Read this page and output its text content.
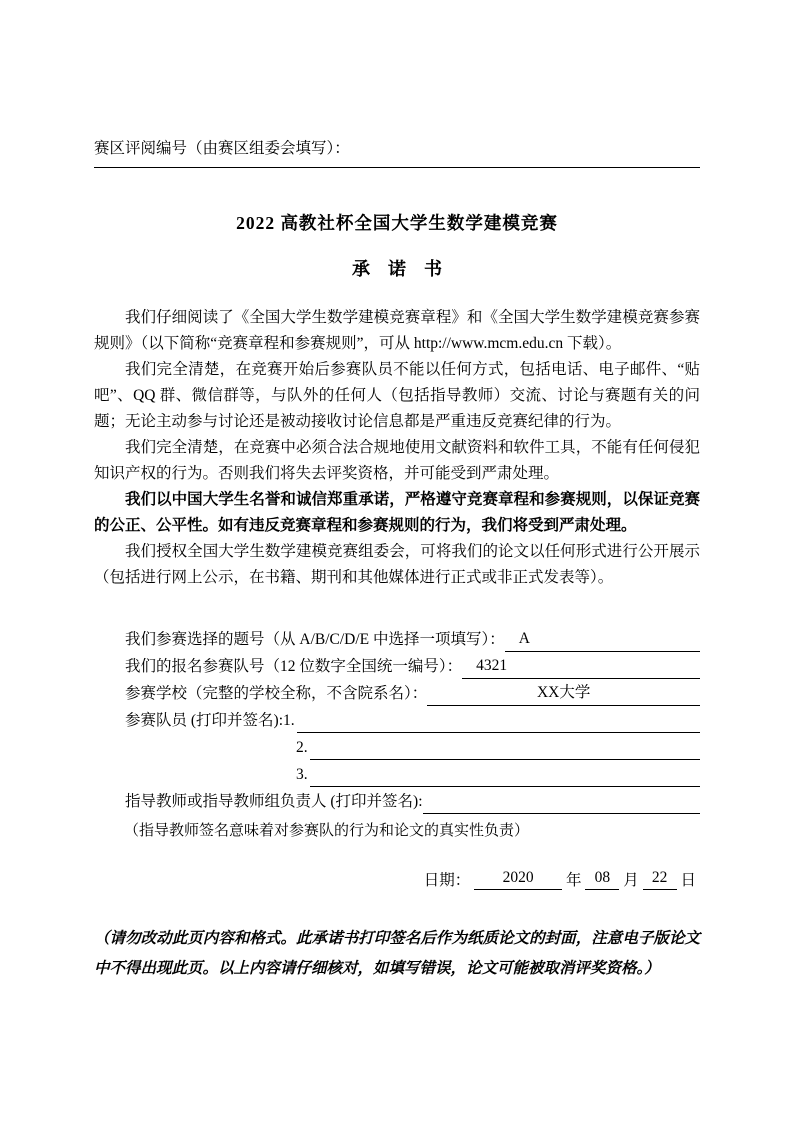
赛区评阅编号（由赛区组委会填写）：
2022 高教社杯全国大学生数学建模竞赛
承　诺　书

我们仔细阅读了《全国大学生数学建模竞赛章程》和《全国大学生数学建模竞赛参赛规则》（以下简称“竞赛章程和参赛规则”，可从 http://www.mcm.edu.cn 下载）。

我们完全清楚，在竞赛开始后参赛队员不能以任何方式，包括电话、电子邮件、“贴吧”、QQ 群、微信群等，与队外的任何人（包括指导教师）交流、讨论与赛题有关的问题；无论主动参与讨论还是被动接收讨论信息都是严重违反竞赛纪律的行为。

我们完全清楚，在竞赛中必须合法合规地使用文献资料和软件工具，不能有任何侵犯知识产权的行为。否则我们将失去评奖资格，并可能受到严肃处理。

我们以中国大学生名誉和诚信郑重承诺，严格遵守竞赛章程和参赛规则，以保证竞赛的公正、公平性。如有违反竞赛章程和参赛规则的行为，我们将受到严肃处理。

我们授权全国大学生数学建模竞赛组委会，可将我们的论文以任何形式进行公开展示（包括进行网上公示，在书籍、期刊和其他媒体进行正式或非正式发表等）。

我们参赛选择的题号（从 A/B/C/D/E 中选择一项填写）： A
我们的报名参赛队号（12 位数字全国统一编号）： 4321
参赛学校（完整的学校全称，不含院系名）：	XX大学
参赛队员 (打印并签名): 1.
2.
3.
指导教师或指导教师组负责人 (打印并签名):
（指导教师签名意味着对参赛队的行为和论文的真实性负责）
日期： 2020 年 08 月 22 日
（请勿改动此页内容和格式。此承诺书打印签名后作为纸质论文的封面，注意电子版论文中不得出现此页。以上内容请仔细核对，如填写错误，论文可能被取消评奖资格。）
